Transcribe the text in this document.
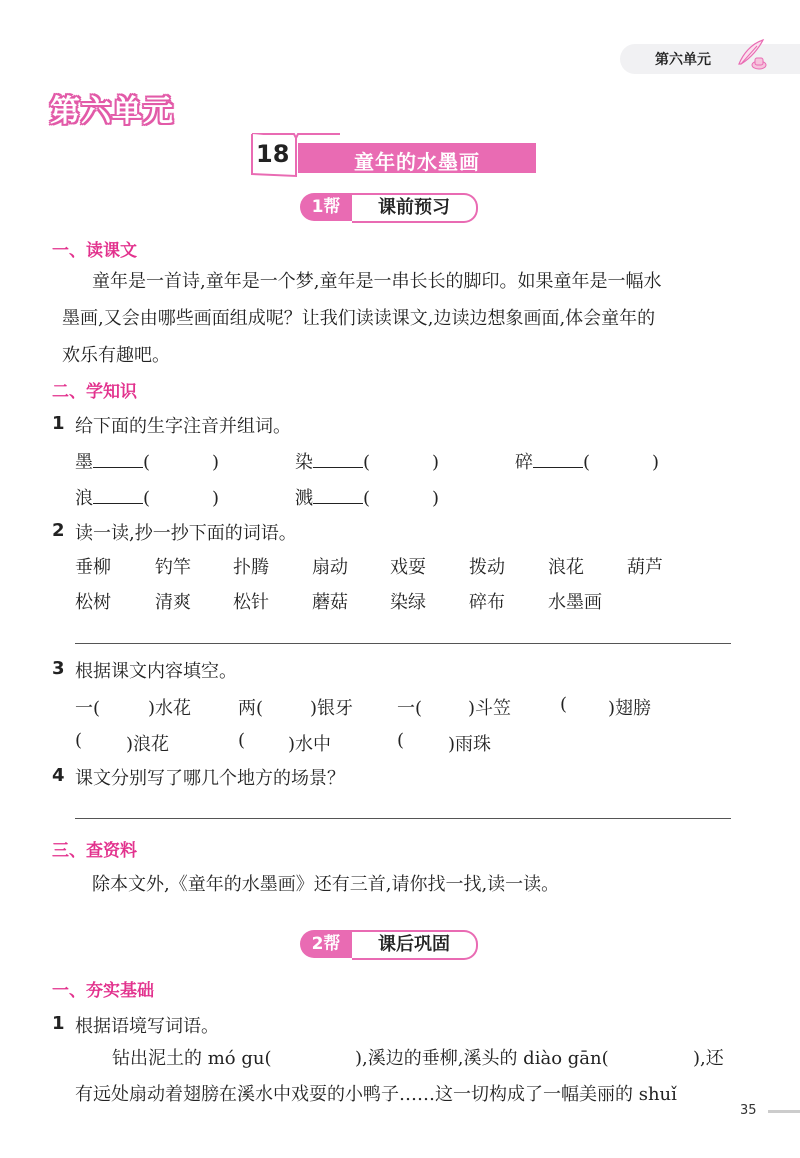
第六单元
第六单元
18	童年的水墨画
1帮	课前预习
一、读课文
童年是一首诗,童年是一个梦,童年是一串长长的脚印。如果童年是一幅水
墨画,又会由哪些画面组成呢？让我们读读课文,边读边想象画面,体会童年的
欢乐有趣吧。
二、学知识
1 给下面的生字注音并组词。
墨	(	)	染	(	)	碎	(	)
浪	(	)	溅	(	)
2 读一读,抄一抄下面的词语。
垂柳 钓竿 扑腾 扇动 戏耍 拨动 浪花 葫芦
松树 清爽 松针 蘑菇 染绿 碎布 水墨画
3 根据课文内容填空。
一(	)水花	两(	)银牙 一(	)斗笠	( )翅膀
( )浪花	( )水中	( )雨珠
4 课文分别写了哪几个地方的场景？
三、查资料
除本文外,《童年的水墨画》还有三首,请你找一找,读一读。
2帮	课后巩固
一、夯实基础
1 根据语境写词语。
钻出泥土的 mó gu(	),溪边的垂柳,溪头的 diào gān(	),还
有远处扇动着翅膀在溪水中戏耍的小鸭子……这一切构成了一幅美丽的 shuǐ
35
